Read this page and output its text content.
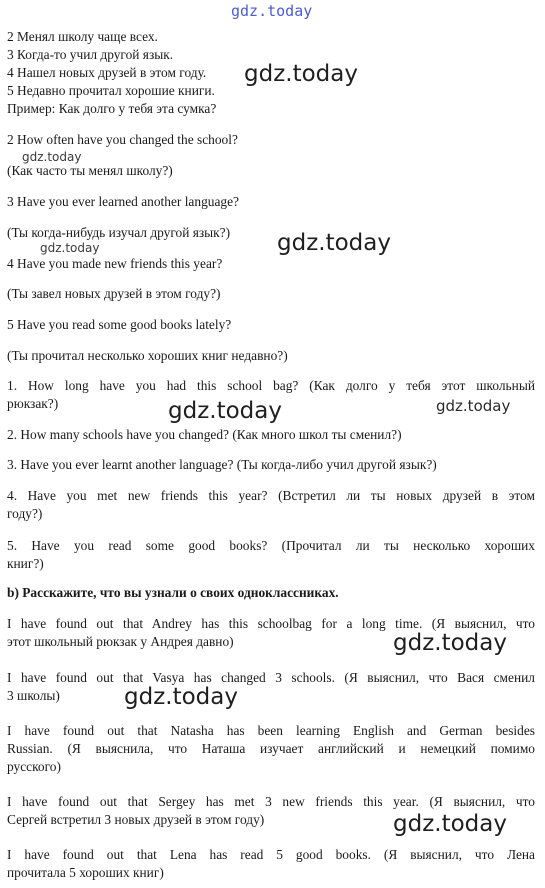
gdz.today
2 Менял школу чаще всех.
3 Когда-то учил другой язык.
4 Нашел новых друзей в этом году.
5 Недавно прочитал хорошие книги.
Пример: Как долго у тебя эта сумка?
2 How often have you changed the school?
(Как часто ты менял школу?)
3 Have you ever learned another language?
(Ты когда-нибудь изучал другой язык?)
4 Have you made new friends this year?
(Ты завел новых друзей в этом году?)
5 Have you read some good books lately?
(Ты прочитал несколько хороших книг недавно?)
1. How long have you had this school bag? (Как долго у тебя этот школьный
рюкзак?)
2. How many schools have you changed? (Как много школ ты сменил?)
3. Have you ever learnt another language? (Ты когда-либо учил другой язык?)
4. Have you met new friends this year? (Встретил ли ты новых друзей в этом
году?)
5. Have you read some good books? (Прочитал ли ты несколько хороших
книг?)
b) Расскажите, что вы узнали о своих одноклассниках.
I have found out that Andrey has this schoolbag for a long time. (Я выяснил, что
этот школьный рюкзак у Андрея давно)
I have found out that Vasya has changed 3 schools. (Я выяснил, что Вася сменил
3 школы)
I have found out that Natasha has been learning English and German besides
Russian. (Я выяснила, что Наташа изучает английский и немецкий помимо
русского)
I have found out that Sergey has met 3 new friends this year. (Я выяснил, что
Сергей встретил 3 новых друзей в этом году)
I have found out that Lena has read 5 good books. (Я выяснил, что Лена
прочитала 5 хороших книг)
gdz.today
gdz.today
gdz.today
gdz.today
gdz.today	gdz.today
gdz.today
gdz.today
gdz.today
